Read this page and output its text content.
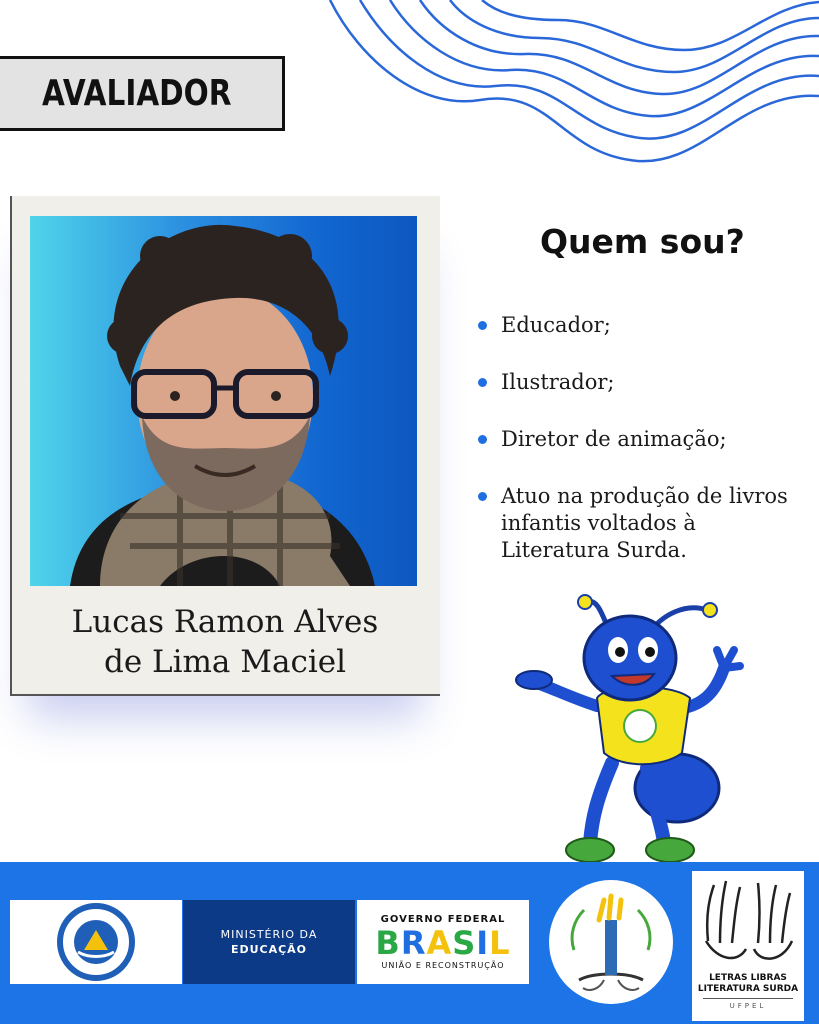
AVALIADOR
Lucas Ramon Alves
de Lima Maciel
Quem sou?
Educador;
Ilustrador;
Diretor de animação;
Atuo na produção de livros infantis voltados à Literatura Surda.
MINISTÉRIO DA
EDUCAÇÃO
GOVERNO FEDERAL
BRASIL
UNIÃO E RECONSTRUÇÃO
LETRAS LIBRAS
LITERATURA SURDA
UFPEL
